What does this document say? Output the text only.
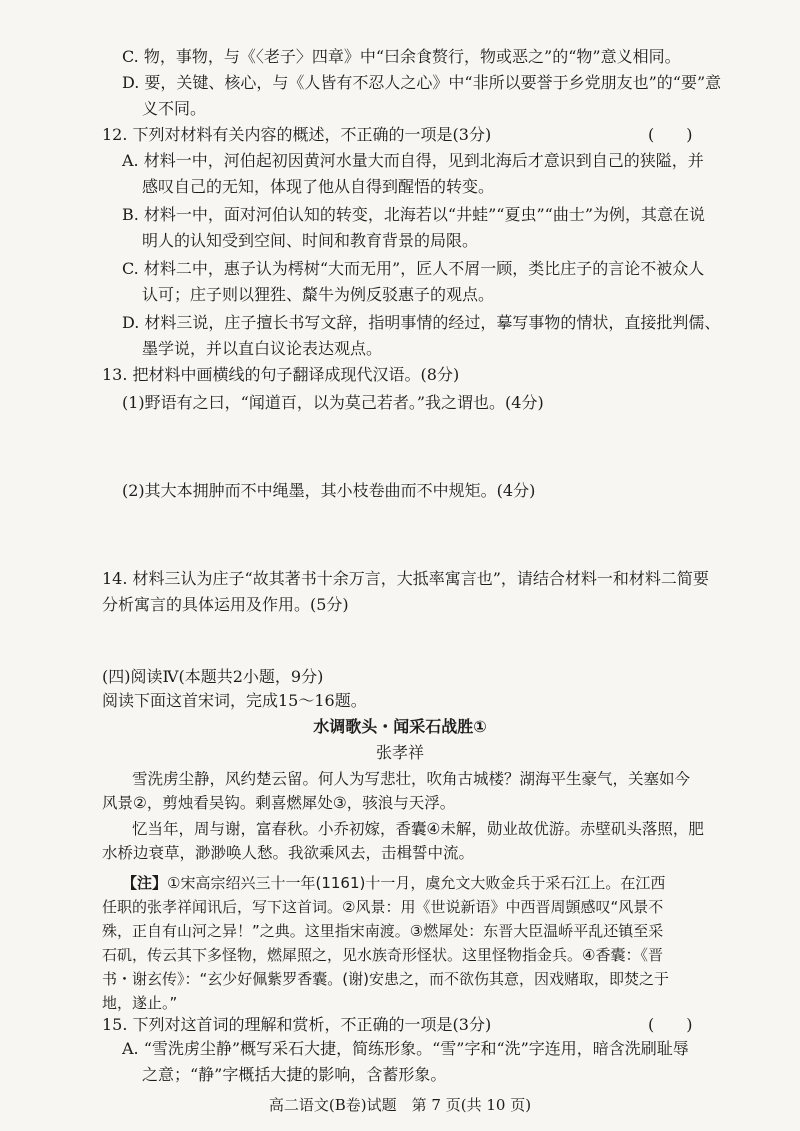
C. 物，事物，与《〈老子〉四章》中“曰余食赘行，物或恶之”的“物”意义相同。
D. 要，关键、核心，与《人皆有不忍人之心》中“非所以要誉于乡党朋友也”的“要”意
义不同。
12. 下列对材料有关内容的概述，不正确的一项是(3分)	(　　)
A. 材料一中，河伯起初因黄河水量大而自得，见到北海后才意识到自己的狭隘，并
感叹自己的无知，体现了他从自得到醒悟的转变。
B. 材料一中，面对河伯认知的转变，北海若以“井蛙”“夏虫”“曲士”为例，其意在说
明人的认知受到空间、时间和教育背景的局限。
C. 材料二中，惠子认为樗树“大而无用”，匠人不屑一顾，类比庄子的言论不被众人
认可；庄子则以狸狌、斄牛为例反驳惠子的观点。
D. 材料三说，庄子擅长书写文辞，指明事情的经过，摹写事物的情状，直接批判儒、
墨学说，并以直白议论表达观点。
13. 把材料中画横线的句子翻译成现代汉语。(8分)
(1)野语有之曰，“闻道百，以为莫己若者。”我之谓也。(4分)
(2)其大本拥肿而不中绳墨，其小枝卷曲而不中规矩。(4分)
14. 材料三认为庄子“故其著书十余万言，大抵率寓言也”，请结合材料一和材料二简要
分析寓言的具体运用及作用。(5分)
(四)阅读Ⅳ(本题共2小题，9分)
阅读下面这首宋词，完成15～16题。
水调歌头・闻采石战胜①
张孝祥
雪洗虏尘静，风约楚云留。何人为写悲壮，吹角古城楼？湖海平生豪气，关塞如今
风景②，剪烛看吴钩。剩喜燃犀处③，骇浪与天浮。
忆当年，周与谢，富春秋。小乔初嫁，香囊④未解，勋业故优游。赤壁矶头落照，肥
水桥边衰草，渺渺唤人愁。我欲乘风去，击楫誓中流。
【注】①宋高宗绍兴三十一年(1161)十一月，虞允文大败金兵于采石江上。在江西
任职的张孝祥闻讯后，写下这首词。②风景：用《世说新语》中西晋周顗感叹“风景不
殊，正自有山河之异！”之典。这里指宋南渡。③燃犀处：东晋大臣温峤平乱还镇至采
石矶，传云其下多怪物，燃犀照之，见水族奇形怪状。这里怪物指金兵。④香囊：《晋
书・谢玄传》：“玄少好佩紫罗香囊。(谢)安患之，而不欲伤其意，因戏赌取，即焚之于
地，遂止。”
15. 下列对这首词的理解和赏析，不正确的一项是(3分)	(　　)
高二语文(B卷)试题　第 7 页(共 10 页)
A. “雪洗虏尘静”概写采石大捷，简练形象。“雪”字和“洗”字连用，暗含洗刷耻辱
之意；“静”字概括大捷的影响，含蓄形象。
